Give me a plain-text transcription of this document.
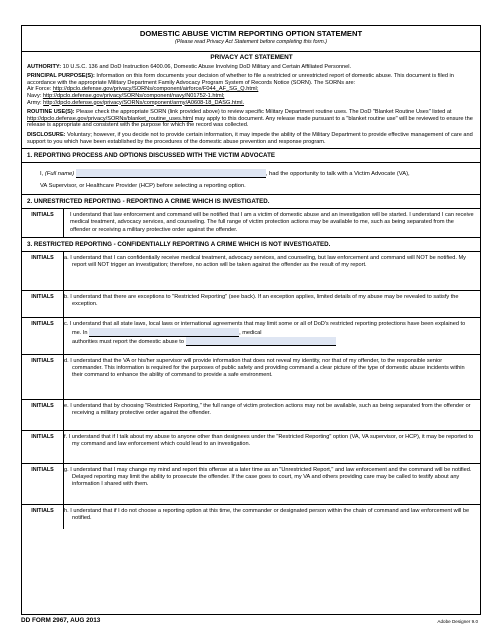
DOMESTIC ABUSE VICTIM REPORTING OPTION STATEMENT
(Please read Privacy Act Statement before completing this form.)
PRIVACY ACT STATEMENT

AUTHORITY: 10 U.S.C. 136 and DoD Instruction 6400.06, Domestic Abuse Involving DoD Military and Certain Affiliated Personnel.

PRINCIPAL PURPOSE(S): Information on this form documents your decision of whether to file a restricted or unrestricted report of domestic abuse. This document is filed in accordance with the appropriate Military Department Family Advocacy Program System of Records Notice (SORN). The SORNs are:
Air Force: http://dpclo.defense.gov/privacy/SORNs/component/airforce/F044_AF_SG_Q.html;
Navy: http://dpclo.defense.gov/privacy/SORNs/component/navy/N01752-1.html;
Army: http://dpclo.defense.gov/privacy/SORNs/component/army/A0608-18_DASG.html.

ROUTINE USE(S): Please check the appropriate SORN (link provided above) to review specific Military Department routine uses. The DoD "Blanket Routine Uses" listed at http://dpclo.defense.gov/privacy/SORNs/blanket_routine_uses.html may apply to this document. Any release made pursuant to a "blanket routine use" will be reviewed to ensure the release is appropriate and consistent with the purpose for which the record was collected.

DISCLOSURE: Voluntary; however, if you decide not to provide certain information, it may impede the ability of the Military Department to provide effective management of care and support to you which have been established by the procedures of the domestic abuse prevention and response program.

1. REPORTING PROCESS AND OPTIONS DISCUSSED WITH THE VICTIM ADVOCATE
I, (Full name)	, had the opportunity to talk with a Victim Advocate (VA),
VA Supervisor, or Healthcare Provider (HCP) before selecting a reporting option.
2. UNRESTRICTED REPORTING - REPORTING A CRIME WHICH IS INVESTIGATED.
INITIALS	I understand that law enforcement and command will be notified that I am a victim of domestic abuse and an investigation will be started. I understand I can receive medical treatment, advocacy services, and counseling. The full range of victim protection actions may be available to me, such as being separated from the offender or receiving a military protective order against the offender.
3. RESTRICTED REPORTING - CONFIDENTIALLY REPORTING A CRIME WHICH IS NOT INVESTIGATED.
INITIALS	a. I understand that I can confidentially receive medical treatment, advocacy services, and counseling, but law enforcement and command will NOT be notified. My report will NOT trigger an investigation; therefore, no action will be taken against the offender as the result of my report.
INITIALS	b. I understand that there are exceptions to "Restricted Reporting" (see back). If an exception applies, limited details of my abuse may be revealed to satisfy the exception.
INITIALS	c. I understand that all state laws, local laws or international agreements that may limit some or all of DoD's restricted reporting protections have been explained to me. In	, medical
authorities must report the domestic abuse to
INITIALS	d. I understand that the VA or his/her supervisor will provide information that does not reveal my identity, nor that of my offender, to the responsible senior commander. This information is required for the purposes of public safety and providing command a clear picture of the type of domestic abuse incidents within their command to enhance the ability of command to provide a safe environment.
INITIALS	e. I understand that by choosing "Restricted Reporting," the full range of victim protection actions may not be available, such as being separated from the offender or receiving a military protective order against the offender.
INITIALS	f. I understand that if I talk about my abuse to anyone other than designees under the "Restricted Reporting" option (VA, VA supervisor, or HCP), it may be reported to my command and law enforcement which could lead to an investigation.
INITIALS	g. I understand that I may change my mind and report this offense at a later time as an "Unrestricted Report," and law enforcement and the command will be notified. Delayed reporting may limit the ability to prosecute the offender. If the case goes to court, my VA and others providing care may be called to testify about any information I shared with them.
INITIALS	h. I understand that if I do not choose a reporting option at this time, the commander or designated person within the chain of command and law enforcement will be notified.
DD FORM 2967, AUG 2013	Adobe Designer 9.0
